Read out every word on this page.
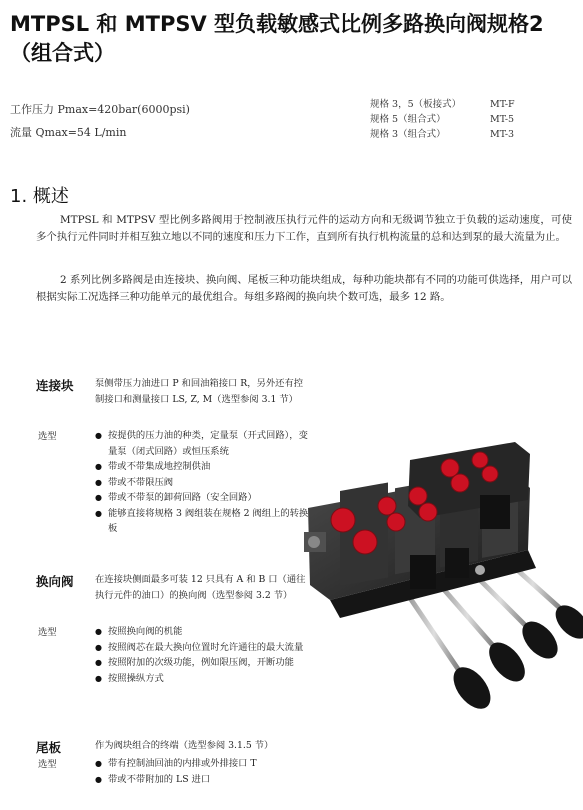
MTPSL 和 MTPSV 型负载敏感式比例多路换向阀规格2（组合式）
工作压力 Pmax=420bar(6000psi)
流量 Qmax=54 L/min
规格 3，5（板接式）	MT-F
规格 5（组合式）	MT-5
规格 3（组合式）	MT-3
1. 概述
MTPSL 和 MTPSV 型比例多路阀用于控制液压执行元件的运动方向和无级调节独立于负载的运动速度，可使多个执行元件同时并相互独立地以不同的速度和压力下工作，直到所有执行机构流量的总和达到泵的最大流量为止。
2 系列比例多路阀是由连接块、换向阀、尾板三种功能块组成，每种功能块都有不同的功能可供选择，用户可以根据实际工况选择三种功能单元的最优组合。每组多路阀的换向块个数可选，最多 12 路。
连接块 泵侧带压力油进口 P 和回油箱接口 R，另外还有控制接口和测量接口 LS, Z, M（选型参阅 3.1 节）
选型	● 按提供的压力油的种类，定量泵（开式回路），变量泵（闭式回路）或恒压系统
● 带或不带集成地控制供油
● 带或不带限压阀
● 带或不带泵的卸荷回路（安全回路）
● 能够直接将规格 3 阀组装在规格 2 阀组上的转换板
换向阀 在连接块侧面最多可装 12 只具有 A 和 B 口（通往执行元件的油口）的换向阀（选型参阅 3.2 节）
选型	● 按照换向阀的机能
● 按照阀芯在最大换向位置时允许通往的最大流量
● 按照附加的次级功能，例如限压阀，开断功能
● 按照操纵方式
尾板	作为阀块组合的终端（选型参阅 3.1.5 节）
选型	● 带有控制油回油的内排或外排接口 T
● 带或不带附加的 LS 进口
